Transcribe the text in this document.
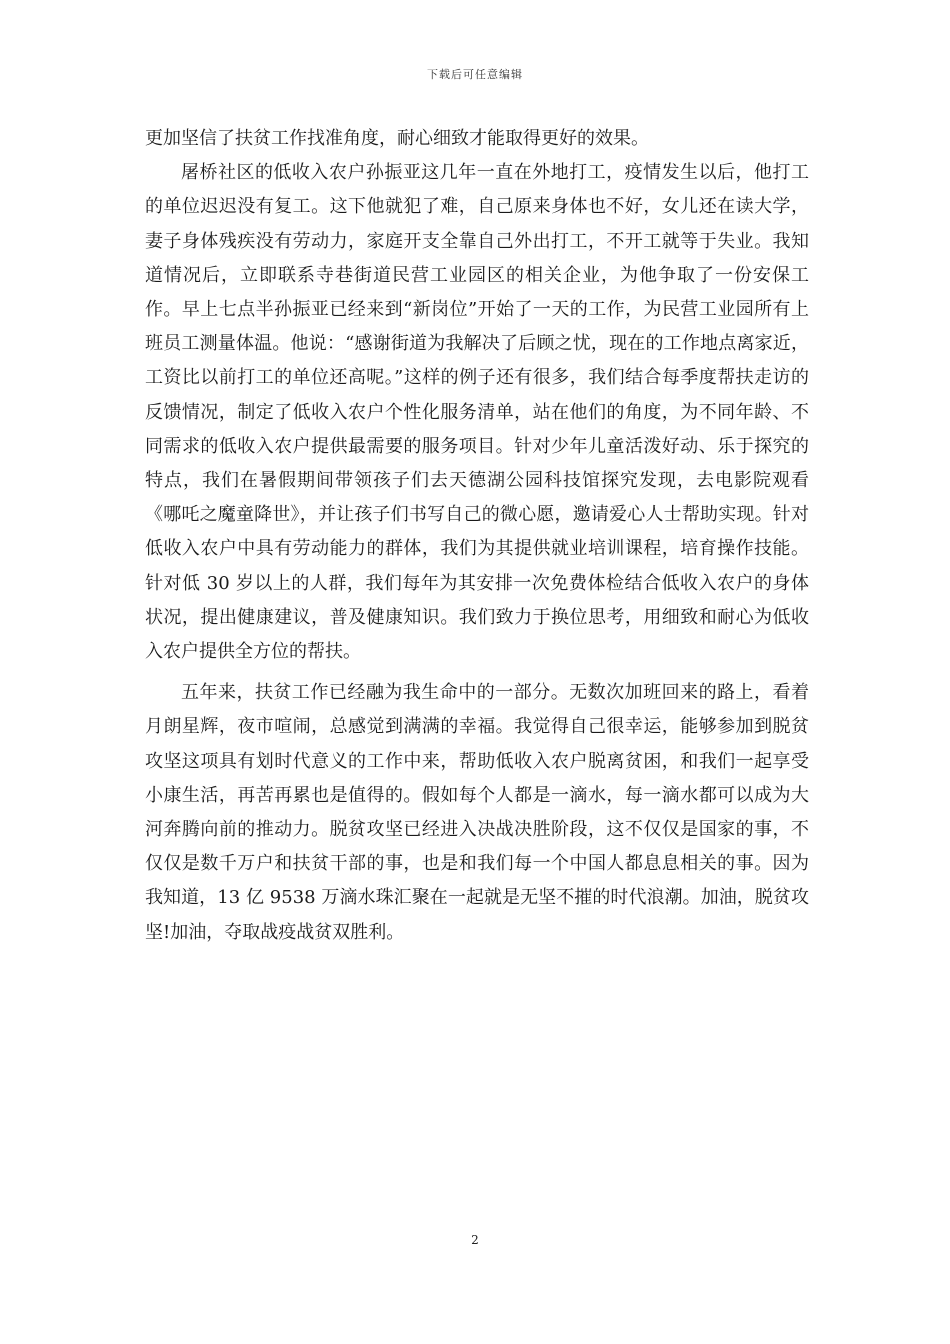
下载后可任意编辑

更加坚信了扶贫工作找准角度，耐心细致才能取得更好的效果。

屠桥社区的低收入农户孙振亚这几年一直在外地打工，疫情发生以后，他打工的单位迟迟没有复工。这下他就犯了难，自己原来身体也不好，女儿还在读大学，妻子身体残疾没有劳动力，家庭开支全靠自己外出打工，不开工就等于失业。我知道情况后，立即联系寺巷街道民营工业园区的相关企业，为他争取了一份安保工作。早上七点半孙振亚已经来到“新岗位”开始了一天的工作，为民营工业园所有上班员工测量体温。他说：“感谢街道为我解决了后顾之忧，现在的工作地点离家近，工资比以前打工的单位还高呢。”这样的例子还有很多，我们结合每季度帮扶走访的反馈情况，制定了低收入农户个性化服务清单，站在他们的角度，为不同年龄、不同需求的低收入农户提供最需要的服务项目。针对少年儿童活泼好动、乐于探究的特点，我们在暑假期间带领孩子们去天德湖公园科技馆探究发现，去电影院观看《哪吒之魔童降世》，并让孩子们书写自己的微心愿，邀请爱心人士帮助实现。针对低收入农户中具有劳动能力的群体，我们为其提供就业培训课程，培育操作技能。针对低 30 岁以上的人群，我们每年为其安排一次免费体检结合低收入农户的身体状况，提出健康建议，普及健康知识。我们致力于换位思考，用细致和耐心为低收入农户提供全方位的帮扶。

五年来，扶贫工作已经融为我生命中的一部分。无数次加班回来的路上，看着月朗星辉，夜市喧闹，总感觉到满满的幸福。我觉得自己很幸运，能够参加到脱贫攻坚这项具有划时代意义的工作中来，帮助低收入农户脱离贫困，和我们一起享受小康生活，再苦再累也是值得的。假如每个人都是一滴水，每一滴水都可以成为大河奔腾向前的推动力。脱贫攻坚已经进入决战决胜阶段，这不仅仅是国家的事，不仅仅是数千万户和扶贫干部的事，也是和我们每一个中国人都息息相关的事。因为我知道，13 亿 9538 万滴水珠汇聚在一起就是无坚不摧的时代浪潮。加油，脱贫攻坚!加油，夺取战疫战贫双胜利。

2
